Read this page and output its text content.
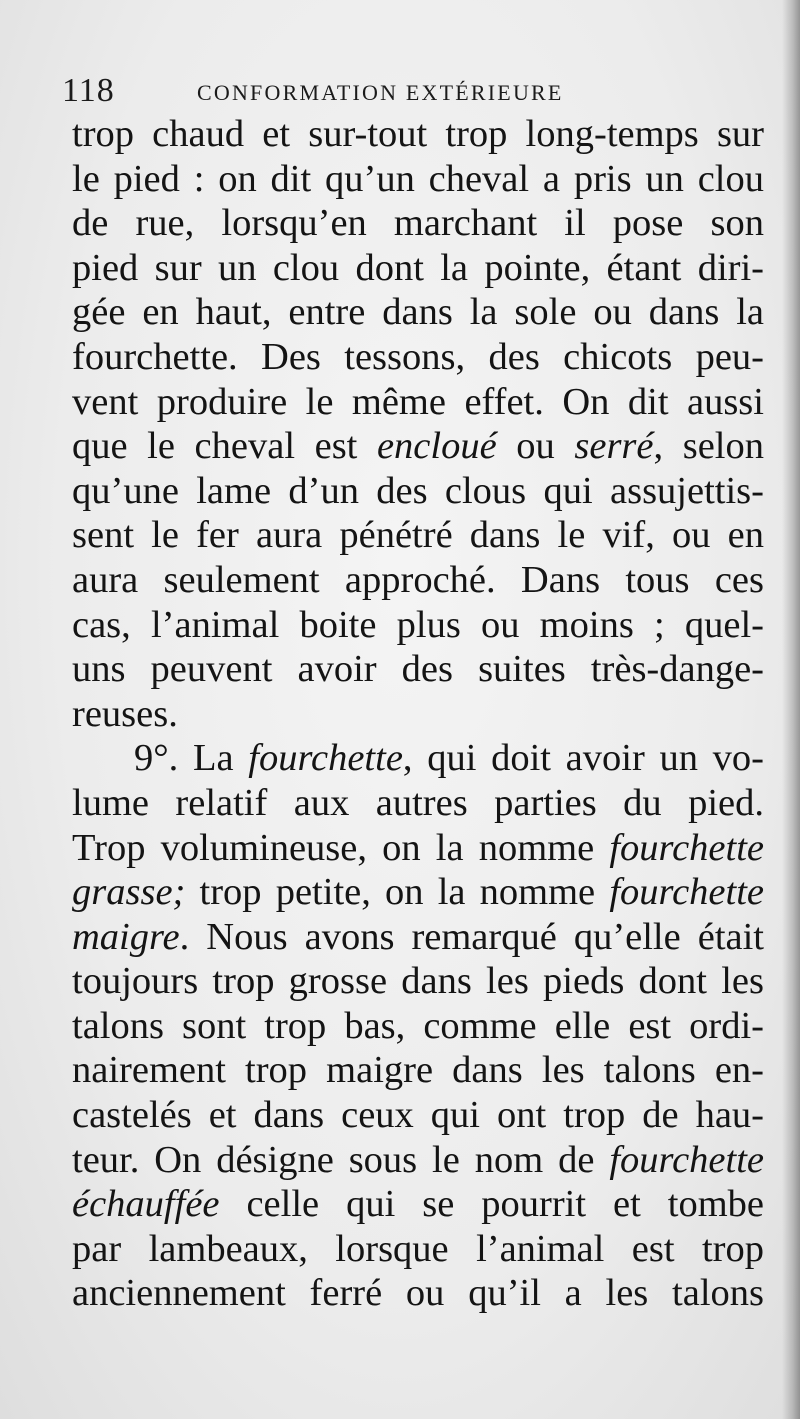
118	CONFORMATION EXTÉRIEURE
trop chaud et sur-tout trop long-temps sur
le pied : on dit qu’un cheval a pris un clou
de rue, lorsqu’en marchant il pose son
pied sur un clou dont la pointe, étant diri-
gée en haut, entre dans la sole ou dans la
fourchette. Des tessons, des chicots peu-
vent produire le même effet. On dit aussi
que le cheval est encloué ou serré, selon
qu’une lame d’un des clous qui assujettis-
sent le fer aura pénétré dans le vif, ou en
aura seulement approché. Dans tous ces
cas, l’animal boite plus ou moins ; quel-
uns peuvent avoir des suites très-dange-
reuses.
9°. La fourchette, qui doit avoir un vo-
lume relatif aux autres parties du pied.
Trop volumineuse, on la nomme fourchette
grasse; trop petite, on la nomme fourchette
maigre. Nous avons remarqué qu’elle était
toujours trop grosse dans les pieds dont les
talons sont trop bas, comme elle est ordi-
nairement trop maigre dans les talons en-
castelés et dans ceux qui ont trop de hau-
teur. On désigne sous le nom de fourchette
échauffée celle qui se pourrit et tombe
par lambeaux, lorsque l’animal est trop
anciennement ferré ou qu’il a les talons
